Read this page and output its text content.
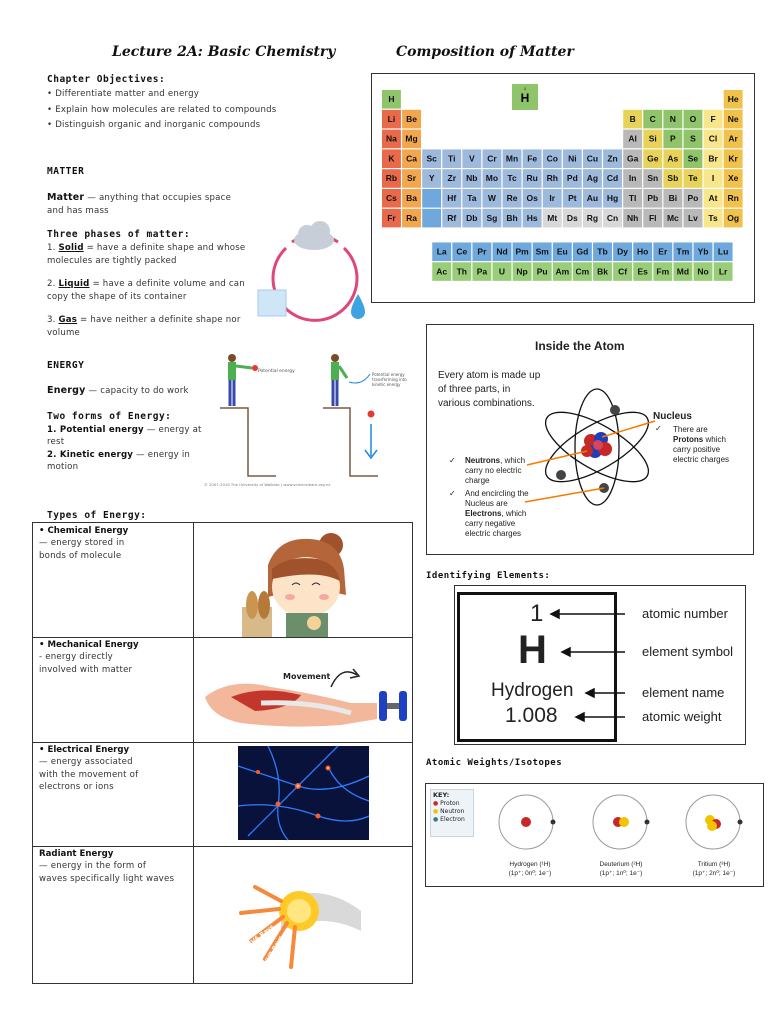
Lecture 2A: Basic Chemistry	Composition of Matter
Chapter Objectives:
• Differentiate matter and energy
• Explain how molecules are related to compounds
• Distinguish organic and inorganic compounds
MATTER
Matter — anything that occupies space
and has mass
Three phases of matter:
1. Solid = have a definite shape and whose
molecules are tightly packed
2. Liquid = have a definite volume and can
copy the shape of its container
3. Gas = have neither a definite shape nor
volume
ENERGY
Energy — capacity to do work
Two forms of Energy:
1. Potential energy — energy at
rest
2. Kinetic energy — energy in
motion
Potential energy
Potential energy transforming into kinetic energy
© 2007-2019 The University of Waikato | www.sciencelearn.org.nz
Types of Energy:
• Chemical Energy
— energy stored in
bonds of molecule
• Mechanical Energy
- energy directly
involved with matter
Movement
• Electrical Energy
— energy associated
with the movement of
electrons or ions
Radiant Energy
— energy in the form of
waves specifically light waves
UVA Rays
UVB Rays
H	He
Li Be	B C N O F Ne
Na Mg	Al Si P S Cl Ar
K Ca Sc Ti V Cr Mn Fe Co Ni Cu Zn Ga Ge As Se Br Kr
Rb Sr Y Zr Nb Mo Tc Ru Rh Pd Ag Cd In Sn Sb Te I Xe
Cs Ba	Hf Ta W Re Os Ir Pt Au Hg Tl Pb Bi Po At Rn
Fr Ra	Rf Db Sg Bh Hs Mt Ds Rg Cn Nh Fl Mc Lv Ts Og
La Ce Pr Nd Pm Sm Eu Gd Tb Dy Ho Er Tm Yb Lu
Ac Th Pa U Np Pu Am Cm Bk Cf Es Fm Md No Lr
H
1
Inside the Atom
Every atom is made up
of three parts, in
various combinations.
Nucleus
There are
Protons which
carry positive
electric charges
✓
✓ Neutrons, which
carry no electric
charge
✓ And encircling the
Nucleus are
Electrons, which
carry negative
electric charges
Identifying Elements:
1
H
Hydrogen
1.008
atomic number
element symbol
element name
atomic weight
Atomic Weights/Isotopes
KEY:
● Proton
● Neutron
● Electron
Hydrogen (¹H)
(1p⁺; 0n⁰; 1e⁻)
Deuterium (²H)
(1p⁺; 1n⁰; 1e⁻)
Tritium (³H)
(1p⁺; 2n⁰; 1e⁻)
